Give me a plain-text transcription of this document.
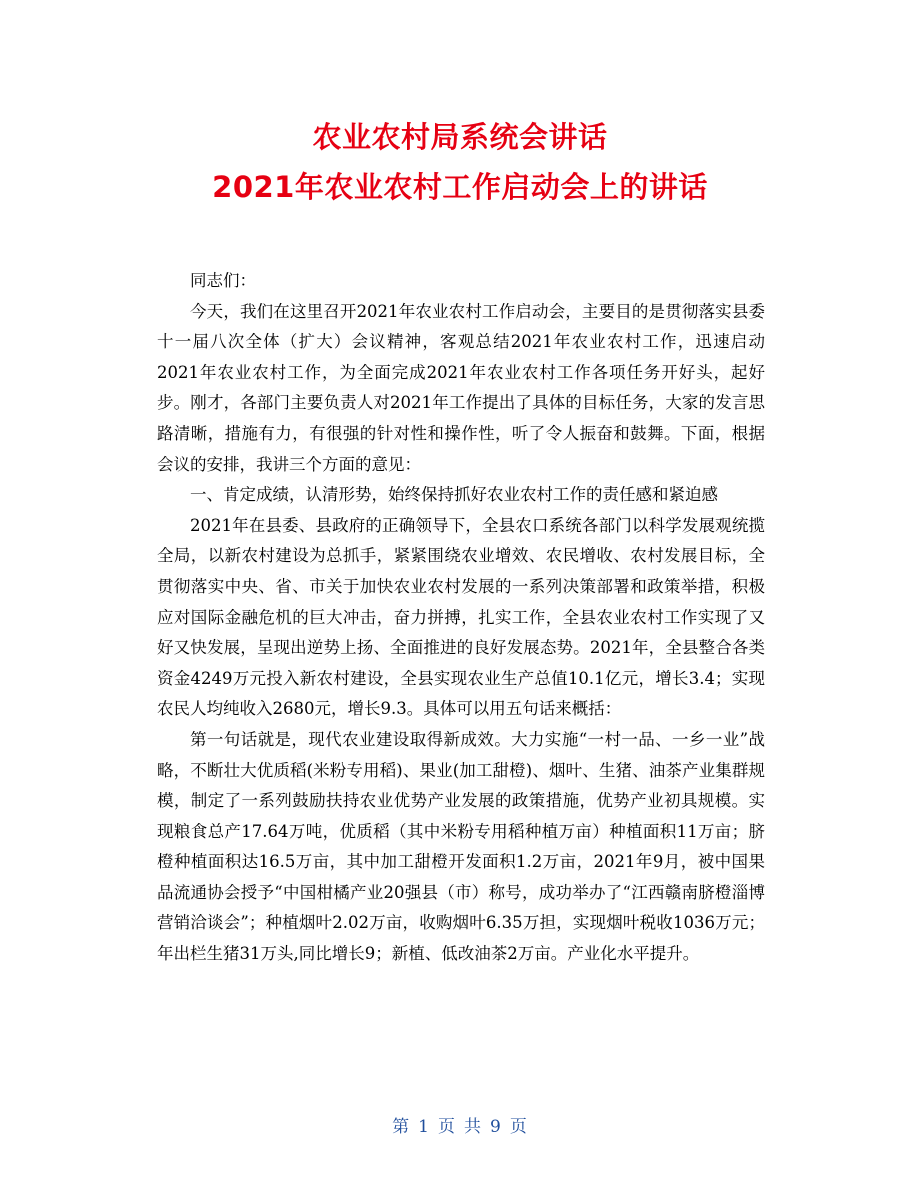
农业农村局系统会讲话
2021年农业农村工作启动会上的讲话

同志们：

今天，我们在这里召开2021年农业农村工作启动会，主要目的是贯彻落实县委十一届八次全体（扩大）会议精神，客观总结2021年农业农村工作，迅速启动2021年农业农村工作，为全面完成2021年农业农村工作各项任务开好头，起好步。刚才，各部门主要负责人对2021年工作提出了具体的目标任务，大家的发言思路清晰，措施有力，有很强的针对性和操作性，听了令人振奋和鼓舞。下面，根据会议的安排，我讲三个方面的意见：

一、肯定成绩，认清形势，始终保持抓好农业农村工作的责任感和紧迫感

2021年在县委、县政府的正确领导下，全县农口系统各部门以科学发展观统揽全局，以新农村建设为总抓手，紧紧围绕农业增效、农民增收、农村发展目标，全贯彻落实中央、省、市关于加快农业农村发展的一系列决策部署和政策举措，积极应对国际金融危机的巨大冲击，奋力拼搏，扎实工作，全县农业农村工作实现了又好又快发展，呈现出逆势上扬、全面推进的良好发展态势。2021年，全县整合各类资金4249万元投入新农村建设，全县实现农业生产总值10.1亿元，增长3.4；实现农民人均纯收入2680元，增长9.3。具体可以用五句话来概括：

第一句话就是，现代农业建设取得新成效。大力实施“一村一品、一乡一业”战略，不断壮大优质稻(米粉专用稻)、果业(加工甜橙)、烟叶、生猪、油茶产业集群规模，制定了一系列鼓励扶持农业优势产业发展的政策措施，优势产业初具规模。实现粮食总产17.64万吨，优质稻（其中米粉专用稻种植万亩）种植面积11万亩；脐橙种植面积达16.5万亩，其中加工甜橙开发面积1.2万亩，2021年9月，被中国果品流通协会授予“中国柑橘产业20强县（市）称号，成功举办了“江西赣南脐橙淄博营销洽谈会”；种植烟叶2.02万亩，收购烟叶6.35万担，实现烟叶税收1036万元；年出栏生猪31万头,同比增长9；新植、低改油茶2万亩。产业化水平提升。

第 1 页 共 9 页
